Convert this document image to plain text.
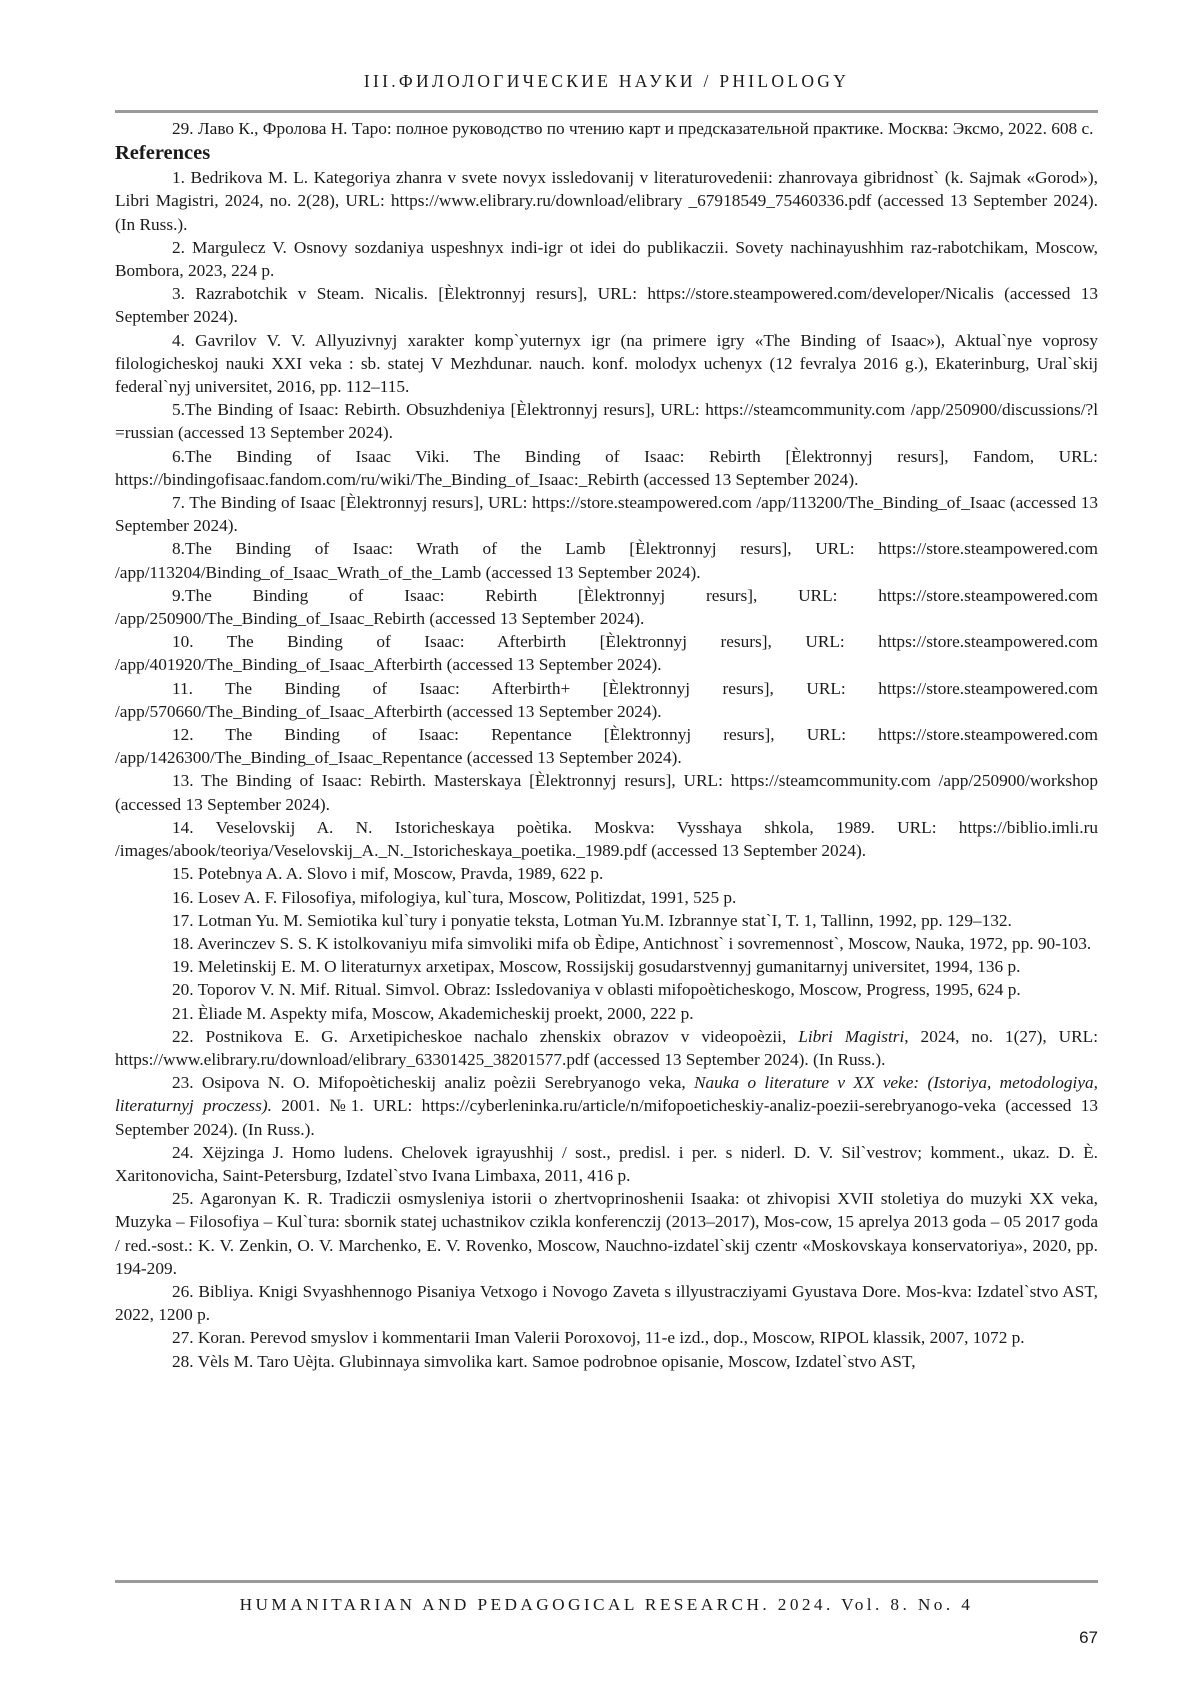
III.ФИЛОЛОГИЧЕСКИЕ НАУКИ / PHILOLOGY

29. Лаво К., Фролова Н. Таро: полное руководство по чтению карт и предсказательной практике. Москва: Эксмо, 2022. 608 с.

References

1. Bedrikova M. L. Kategoriya zhanra v svete novyx issledovanij v literaturovedenii: zhanrovaya gibridnost` (k. Sajmak «Gorod»), Libri Magistri, 2024, no. 2(28), URL: https://www.elibrary.ru/download/elibrary _67918549_75460336.pdf (accessed 13 September 2024). (In Russ.).

2. Margulecz V. Osnovy sozdaniya uspeshnyx indi-igr ot idei do publikaczii. Sovety nachinayushhim raz-rabotchikam, Moscow, Bombora, 2023, 224 p.

3. Razrabotchik v Steam. Nicalis. [Èlektronnyj resurs], URL: https://store.steampowered.com/developer/Nicalis (accessed 13 September 2024).

4. Gavrilov V. V. Allyuzivnyj xarakter komp`yuternyx igr (na primere igry «The Binding of Isaac»), Aktual`nye voprosy filologicheskoj nauki XXI veka : sb. statej V Mezhdunar. nauch. konf. molodyx uchenyx (12 fevralya 2016 g.), Ekaterinburg, Ural`skij federal`nyj universitet, 2016, pp. 112–115.

5.The Binding of Isaac: Rebirth. Obsuzhdeniya [Èlektronnyj resurs], URL: https://steamcommunity.com /app/250900/discussions/?l =russian (accessed 13 September 2024).

6.The Binding of Isaac Viki. The Binding of Isaac: Rebirth [Èlektronnyj resurs], Fandom, URL: https://bindingofisaac.fandom.com/ru/wiki/The_Binding_of_Isaac:_Rebirth (accessed 13 September 2024).

7. The Binding of Isaac [Èlektronnyj resurs], URL: https://store.steampowered.com /app/113200/The_Binding_of_Isaac (accessed 13 September 2024).

8.The Binding of Isaac: Wrath of the Lamb [Èlektronnyj resurs], URL: https://store.steampowered.com /app/113204/Binding_of_Isaac_Wrath_of_the_Lamb (accessed 13 September 2024).

9.The Binding of Isaac: Rebirth [Èlektronnyj resurs], URL: https://store.steampowered.com /app/250900/The_Binding_of_Isaac_Rebirth (accessed 13 September 2024).

10. The Binding of Isaac: Afterbirth [Èlektronnyj resurs], URL: https://store.steampowered.com /app/401920/The_Binding_of_Isaac_Afterbirth (accessed 13 September 2024).

11. The Binding of Isaac: Afterbirth+ [Èlektronnyj resurs], URL: https://store.steampowered.com /app/570660/The_Binding_of_Isaac_Afterbirth (accessed 13 September 2024).

12. The Binding of Isaac: Repentance [Èlektronnyj resurs], URL: https://store.steampowered.com /app/1426300/The_Binding_of_Isaac_Repentance (accessed 13 September 2024).

13. The Binding of Isaac: Rebirth. Masterskaya [Èlektronnyj resurs], URL: https://steamcommunity.com /app/250900/workshop (accessed 13 September 2024).

14. Veselovskij A. N. Istoricheskaya poètika. Moskva: Vysshaya shkola, 1989. URL: https://biblio.imli.ru /images/abook/teoriya/Veselovskij_A._N._Istoricheskaya_poetika._1989.pdf (accessed 13 September 2024).

15. Potebnya A. A. Slovo i mif, Moscow, Pravda, 1989, 622 p.

16. Losev A. F. Filosofiya, mifologiya, kul`tura, Moscow, Politizdat, 1991, 525 p.

17. Lotman Yu. M. Semiotika kul`tury i ponyatie teksta, Lotman Yu.M. Izbrannye stat`I, T. 1, Tallinn, 1992, pp. 129–132.

18. Averinczev S. S. K istolkovaniyu mifa simvoliki mifa ob Èdipe, Antichnost` i sovremennost`, Moscow, Nauka, 1972, pp. 90-103.

19. Meletinskij E. M. O literaturnyx arxetipax, Moscow, Rossijskij gosudarstvennyj gumanitarnyj universitet, 1994, 136 p.

20. Toporov V. N. Mif. Ritual. Simvol. Obraz: Issledovaniya v oblasti mifopoèticheskogo, Moscow, Progress, 1995, 624 p.

21. Èliade M. Aspekty mifa, Moscow, Akademicheskij proekt, 2000, 222 p.

22. Postnikova E. G. Arxetipicheskoe nachalo zhenskix obrazov v videopoèzii, Libri Magistri, 2024, no. 1(27), URL: https://www.elibrary.ru/download/elibrary_63301425_38201577.pdf (accessed 13 September 2024). (In Russ.).

23. Osipova N. O. Mifopoèticheskij analiz poèzii Serebryanogo veka, Nauka o literature v XX veke: (Istoriya, metodologiya, literaturnyj proczess). 2001. №1. URL: https://cyberleninka.ru/article/n/mifopoeticheskiy-analiz-poezii-serebryanogo-veka (accessed 13 September 2024). (In Russ.).

24. Xëjzinga J. Homo ludens. Chelovek igrayushhij / sost., predisl. i per. s niderl. D. V. Sil`vestrov; komment., ukaz. D. È. Xaritonovicha, Saint-Petersburg, Izdatel`stvo Ivana Limbaxa, 2011, 416 p.

25. Agaronyan K. R. Tradiczii osmysleniya istorii o zhertvoprinoshenii Isaaka: ot zhivopisi XVII stoletiya do muzyki XX veka, Muzyka – Filosofiya – Kul`tura: sbornik statej uchastnikov czikla konferenczij (2013–2017), Mos-cow, 15 aprelya 2013 goda – 05 2017 goda / red.-sost.: K. V. Zenkin, O. V. Marchenko, E. V. Rovenko, Moscow, Nauchno-izdatel`skij czentr «Moskovskaya konservatoriya», 2020, pp. 194-209.

26. Bibliya. Knigi Svyashhennogo Pisaniya Vetxogo i Novogo Zaveta s illyustracziyami Gyustava Dore. Mos-kva: Izdatel`stvo AST, 2022, 1200 p.

27. Koran. Perevod smyslov i kommentarii Iman Valerii Poroxovoj, 11-e izd., dop., Moscow, RIPOL klassik, 2007, 1072 p.

28. Vèls M. Taro Uèjta. Glubinnaya simvolika kart. Samoe podrobnoe opisanie, Moscow, Izdatel`stvo AST,

HUMANITARIAN AND PEDAGOGICAL RESEARCH. 2024. Vol. 8. No. 4
67
